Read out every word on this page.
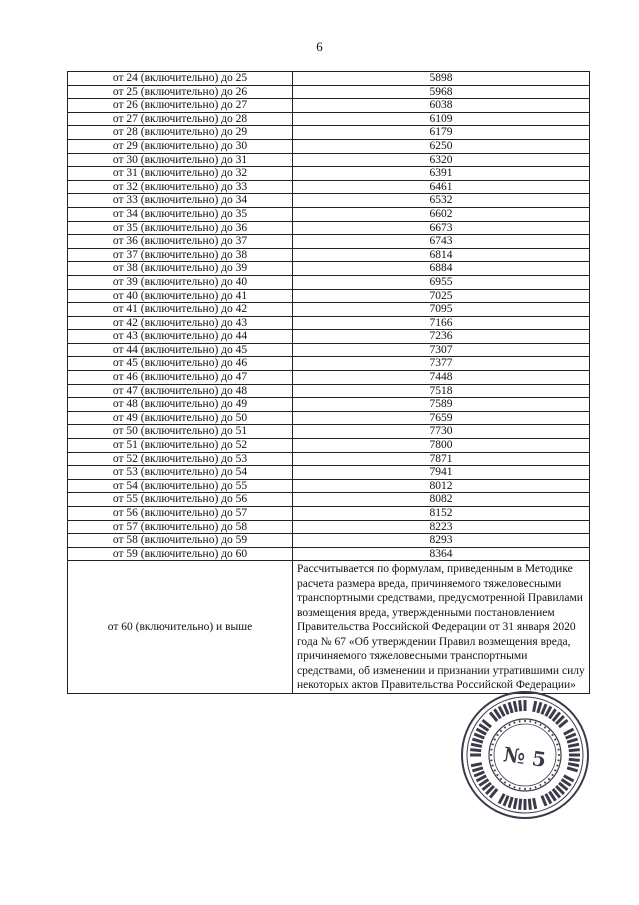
6
от 24 (включительно) до 25	5898
от 25 (включительно) до 26	5968
от 26 (включительно) до 27	6038
от 27 (включительно) до 28	6109
от 28 (включительно) до 29	6179
от 29 (включительно) до 30	6250
от 30 (включительно) до 31	6320
от 31 (включительно) до 32	6391
от 32 (включительно) до 33	6461
от 33 (включительно) до 34	6532
от 34 (включительно) до 35	6602
от 35 (включительно) до 36	6673
от 36 (включительно) до 37	6743
от 37 (включительно) до 38	6814
от 38 (включительно) до 39	6884
от 39 (включительно) до 40	6955
от 40 (включительно) до 41	7025
от 41 (включительно) до 42	7095
от 42 (включительно) до 43	7166
от 43 (включительно) до 44	7236
от 44 (включительно) до 45	7307
от 45 (включительно) до 46	7377
от 46 (включительно) до 47	7448
от 47 (включительно) до 48	7518
от 48 (включительно) до 49	7589
от 49 (включительно) до 50	7659
от 50 (включительно) до 51	7730
от 51 (включительно) до 52	7800
от 52 (включительно) до 53	7871
от 53 (включительно) до 54	7941
от 54 (включительно) до 55	8012
от 55 (включительно) до 56	8082
от 56 (включительно) до 57	8152
от 57 (включительно) до 58	8223
от 58 (включительно) до 59	8293
от 59 (включительно) до 60	8364
от 60 (включительно) и выше	Рассчитывается по формулам, приведенным в Методике расчета размера вреда, причиняемого тяжеловесными транспортными средствами, предусмотренной Правилами возмещения вреда, утвержденными постановлением Правительства Российской Федерации от 31 января 2020 года № 67 «Об утверждении Правил возмещения вреда, причиняемого тяжеловесными транспортными средствами, об изменении и признании утратившими силу некоторых актов Правительства Российской Федерации»
№ 5
